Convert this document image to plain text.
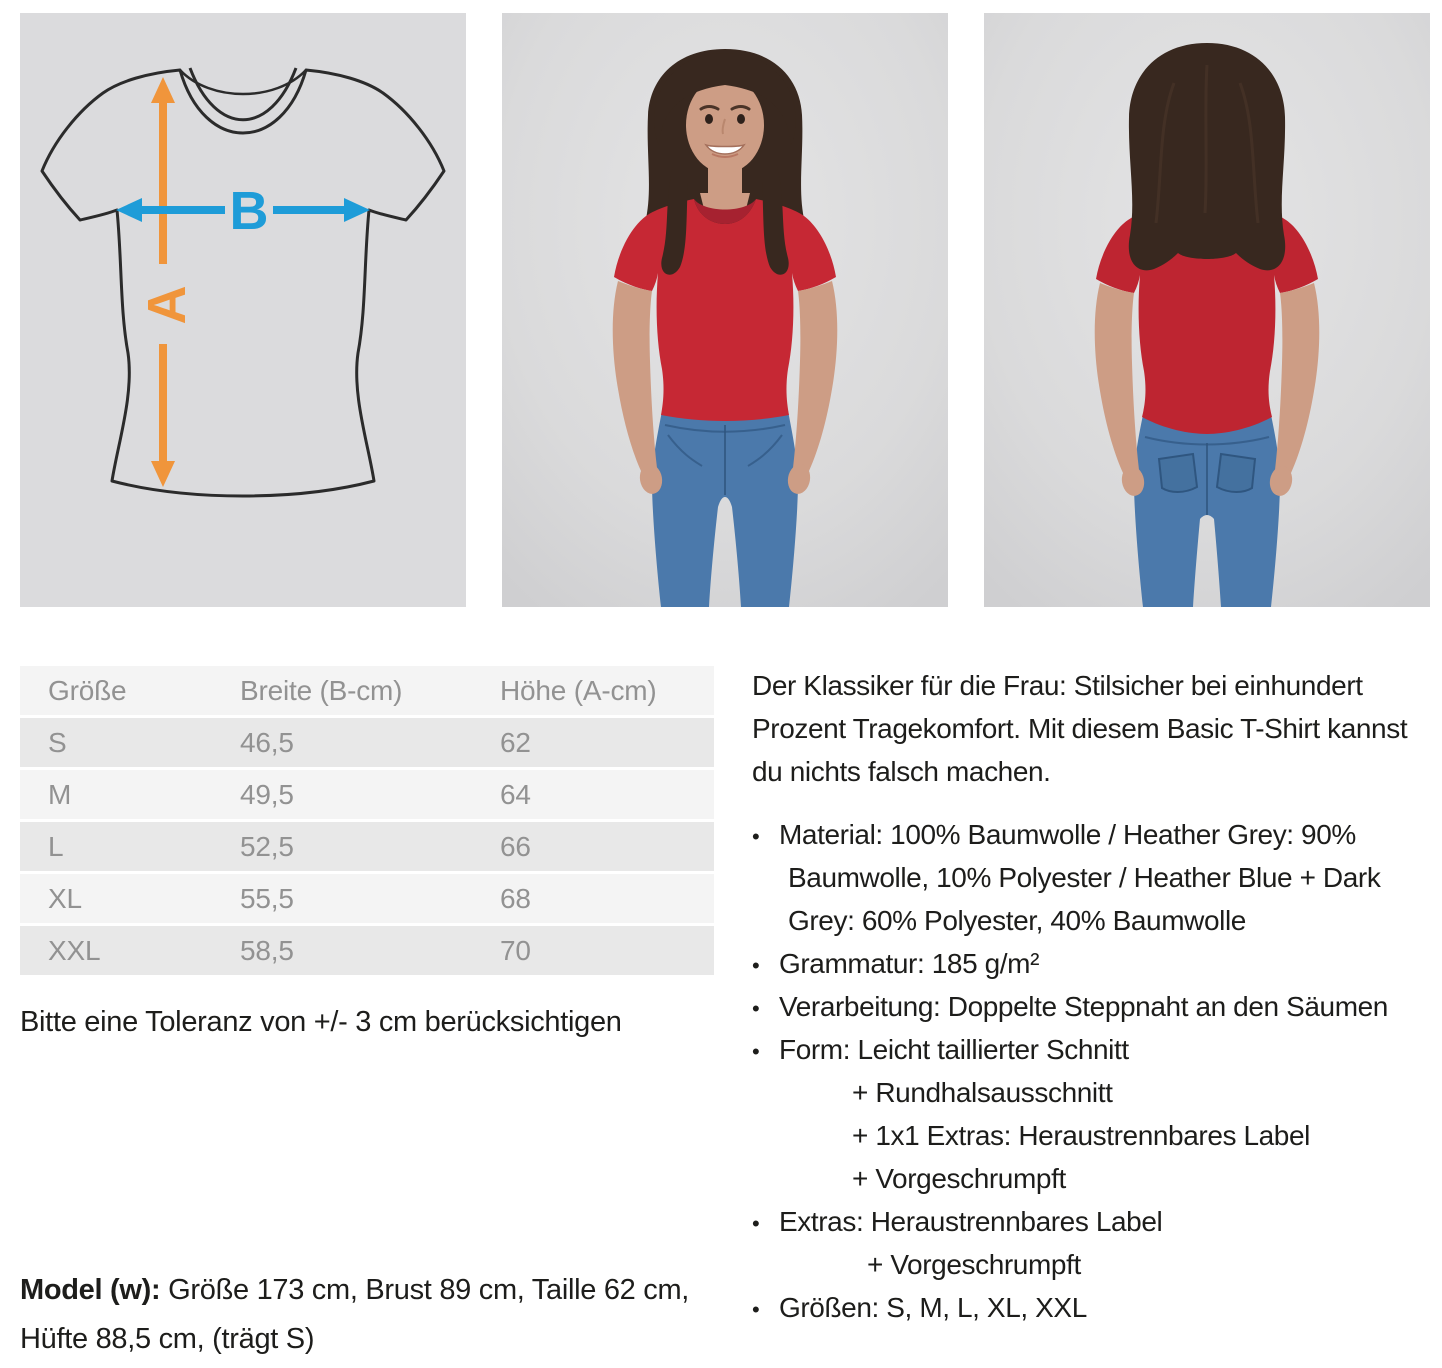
A
B
Größe	Breite (B-cm)	Höhe (A-cm)
S	46,5	62
M	49,5	64
L	52,5	66
XL	55,5	68
XXL	58,5	70

Bitte eine Toleranz von +/- 3 cm berücksichtigen

Model (w): Größe 173 cm, Brust 89 cm, Taille 62 cm,
Hüfte 88,5 cm, (trägt S)
Der Klassiker für die Frau: Stilsicher bei einhundert
Prozent Tragekomfort. Mit diesem Basic T-Shirt kannst
du nichts falsch machen.
• Material: 100% Baumwolle / Heather Grey: 90%
Baumwolle, 10% Polyester / Heather Blue + Dark
Grey: 60% Polyester, 40% Baumwolle
• Grammatur: 185 g/m²
• Verarbeitung: Doppelte Steppnaht an den Säumen
• Form: Leicht taillierter Schnitt
+ Rundhalsausschnitt
+ 1x1 Extras: Heraustrennbares Label
+ Vorgeschrumpft
• Extras: Heraustrennbares Label
+ Vorgeschrumpft
• Größen: S, M, L, XL, XXL
